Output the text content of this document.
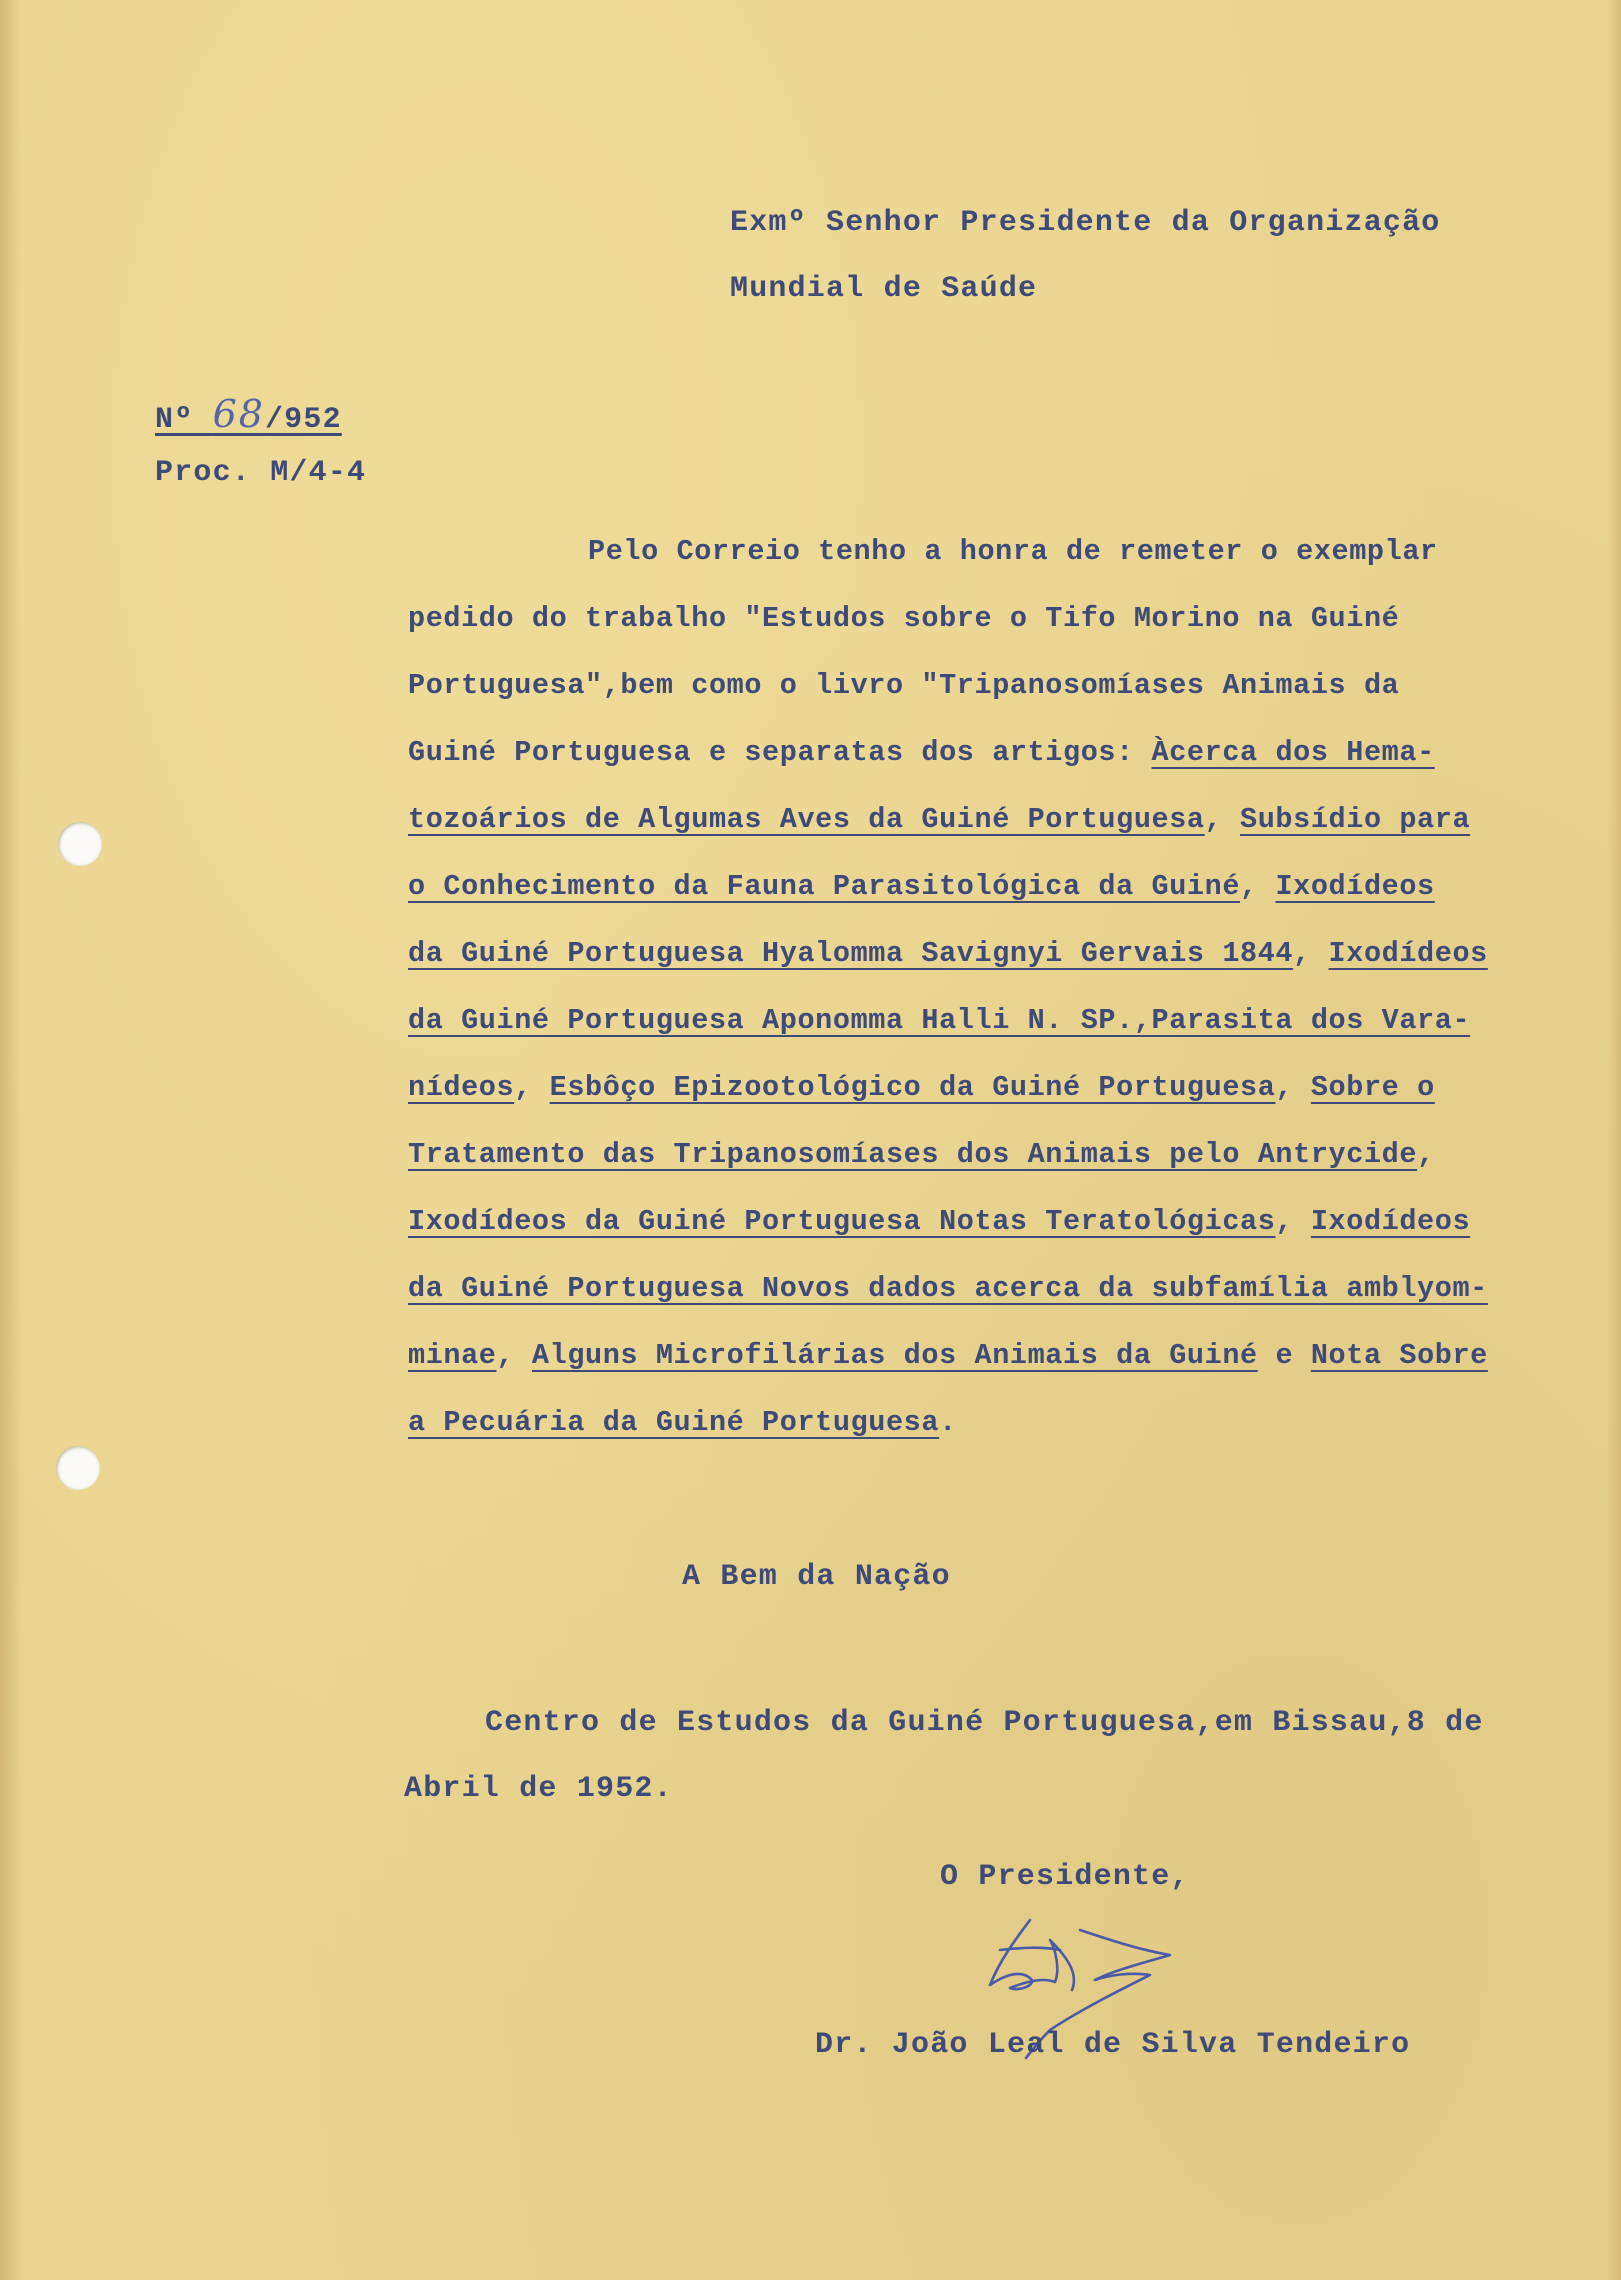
Exmº Senhor Presidente da Organização
Mundial de Saúde
Nº 68/952
Proc. M/4-4
Pelo Correio tenho a honra de remeter o exemplar
pedido do trabalho "Estudos sobre o Tifo Morino na Guiné
Portuguesa",bem como o livro "Tripanosomíases Animais da
Guiné Portuguesa e separatas dos artigos: Àcerca dos Hema-
tozoários de Algumas Aves da Guiné Portuguesa, Subsídio para
o Conhecimento da Fauna Parasitológica da Guiné, Ixodídeos
da Guiné Portuguesa Hyalomma Savignyi Gervais 1844, Ixodídeos
da Guiné Portuguesa Aponomma Halli N. SP.,Parasita dos Vara-
nídeos, Esbôço Epizootológico da Guiné Portuguesa, Sobre o
Tratamento das Tripanosomíases dos Animais pelo Antrycide,
Ixodídeos da Guiné Portuguesa Notas Teratológicas, Ixodídeos
da Guiné Portuguesa Novos dados acerca da subfamília amblyom-
minae, Alguns Microfilárias dos Animais da Guiné e Nota Sobre
a Pecuária da Guiné Portuguesa.
A Bem da Nação
Centro de Estudos da Guiné Portuguesa,em Bissau,8 de
Abril de 1952.
O Presidente,
Dr. João Leal de Silva Tendeiro
